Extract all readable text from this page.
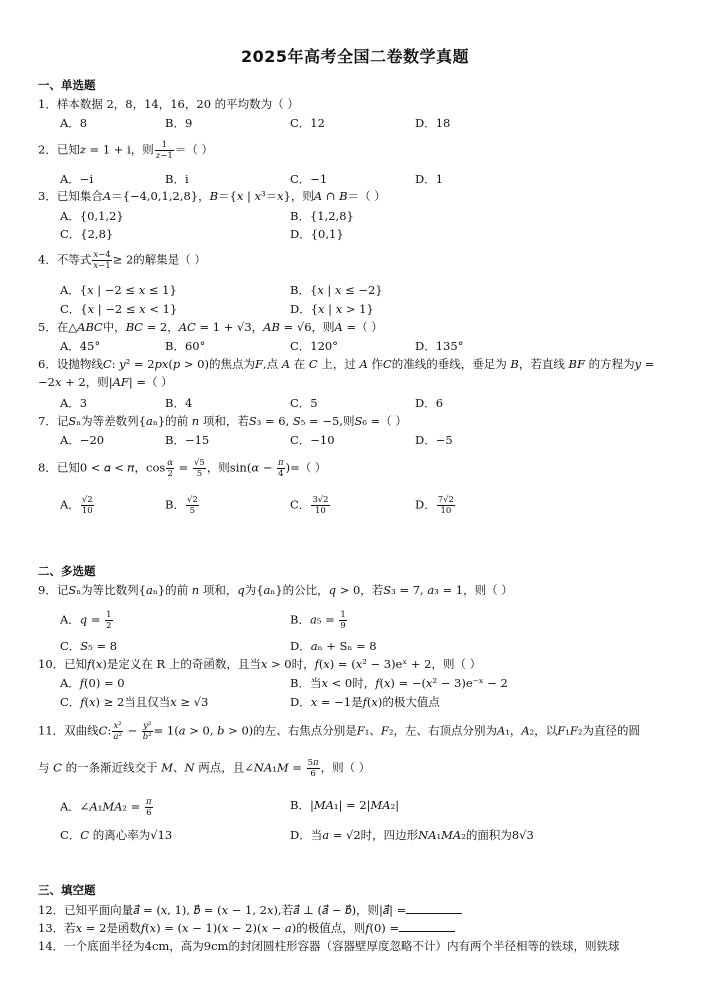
2025年高考全国二卷数学真题
一、单选题
1．样本数据 2，8，14，16，20 的平均数为（ ）
A．8	B．9	C．12	D．18
2．已知z = 1 + i，则 $\frac{1}{z-1}$ ＝（ ）
A．−i	B．i	C．−1	D．1
3．已知集合𝐴＝{−4,0,1,2,8}，𝐵＝{𝑥 | 𝑥³＝𝑥}，则𝐴 ∩ 𝐵＝（ ）
A．{0,1,2}	B．{1,2,8}
C．{2,8}	D．{0,1}
4．不等式 $\frac{x-4}{x-1} \ge 2$的解集是（ ）
A．{𝑥 | −2 ≤ 𝑥 ≤ 1}	B．{𝑥 | 𝑥 ≤ −2}
C．{𝑥 | −2 ≤ 𝑥 < 1}	D．{𝑥 | 𝑥 > 1}
5．在△𝐴𝐵𝐶中，𝐵𝐶 = 2，𝐴𝐶 = 1 + √3，𝐴𝐵 = √6，则𝐴 =（ ）
A．45°	B．60°	C．120°	D．135°
6．设抛物线𝐶: 𝑦² = 2𝑝𝑥(𝑝 > 0)的焦点为𝐹,点 𝐴 在 𝐶 上，过 𝐴 作𝐶的准线的垂线，垂足为 𝐵，若直线 𝐵𝐹 的方程为𝑦 = −2𝑥 + 2，则|𝐴𝐹| =（ ）
A．3	B．4	C．5	D．6
7．记𝑆ₙ为等差数列{𝑎ₙ}的前 𝑛 项和，若𝑆₃ = 6, 𝑆₅ = −5,则𝑆₆ =（ ）
A．−20	B．−15	C．−10	D．−5
8．已知0 < 𝛼 < 𝜋，$\cos \frac{\alpha}{2} = \frac{√5}{5}$ ，则$\sin(\alpha - \frac{\pi}{4}$ )=（ ）
A． $\frac{√2}{10}$	B． $\frac{√2}{5}$	C． $\frac{3√2}{10}$	D． $\frac{7√2}{10}$
二、多选题
9．记𝑆ₙ为等比数列{𝑎ₙ}的前 𝑛 项和，𝑞为{𝑎ₙ}的公比，𝑞 > 0，若𝑆₃ = 7, 𝑎₃ = 1，则（ ）
A．𝑞 = $\frac{1}{2}$	B．𝑎₅ = $\frac{1}{9}$
C．𝑆₅ = 8	D．𝑎ₙ + Sₙ = 8
10．已知𝑓(𝑥)是定义在 R 上的奇函数，且当𝑥 > 0时，𝑓(𝑥) = (𝑥² − 3)eˣ + 2，则（ ）
A．𝑓(0) = 0	B．当𝑥 < 0时，𝑓(𝑥) = −(𝑥² − 3)e⁻ˣ − 2
C．𝑓(𝑥) ≥ 2当且仅当𝑥 ≥ √3	D．𝑥 = −1是𝑓(𝑥)的极大值点
11．双曲线𝐶: $\frac{\text{x²}}{\text{a²}} - \frac{\text{y²}}{\text{b²}}$ = 1(𝑎 > 0, 𝑏 > 0)的左、右焦点分别是𝐹₁、𝐹₂，左、右顶点分别为𝐴₁，𝐴₂，以𝐹₁𝐹₂为直径的圆
与 𝐶 的一条渐近线交于 𝑀、𝑁 两点，且∠𝑁𝐴₁𝑀 = $\frac{5\pi}{6}$ ，则（ ）
A．∠𝐴₁𝑀𝐴₂ = $\frac{\pi}{6}$	B．|𝑀𝐴₁| = 2|𝑀𝐴₂|
C．𝐶 的离心率为√13	D．当𝑎 = √2时，四边形𝑁𝐴₁𝑀𝐴₂的面积为8√3
三、填空题
12．已知平面向量𝑎⃗ = (𝑥, 1), 𝑏⃗ = (𝑥 − 1, 2𝑥),若𝑎⃗ ⊥ (𝑎⃗ − 𝑏⃗)，则|𝑎⃗| =
13．若𝑥 = 2是函数𝑓(𝑥) = (𝑥 − 1)(𝑥 − 2)(𝑥 − 𝑎)的极值点，则𝑓(0) =
14．一个底面半径为4cm，高为9cm的封闭圆柱形容器（容器壁厚度忽略不计）内有两个半径相等的铁球，则铁球
